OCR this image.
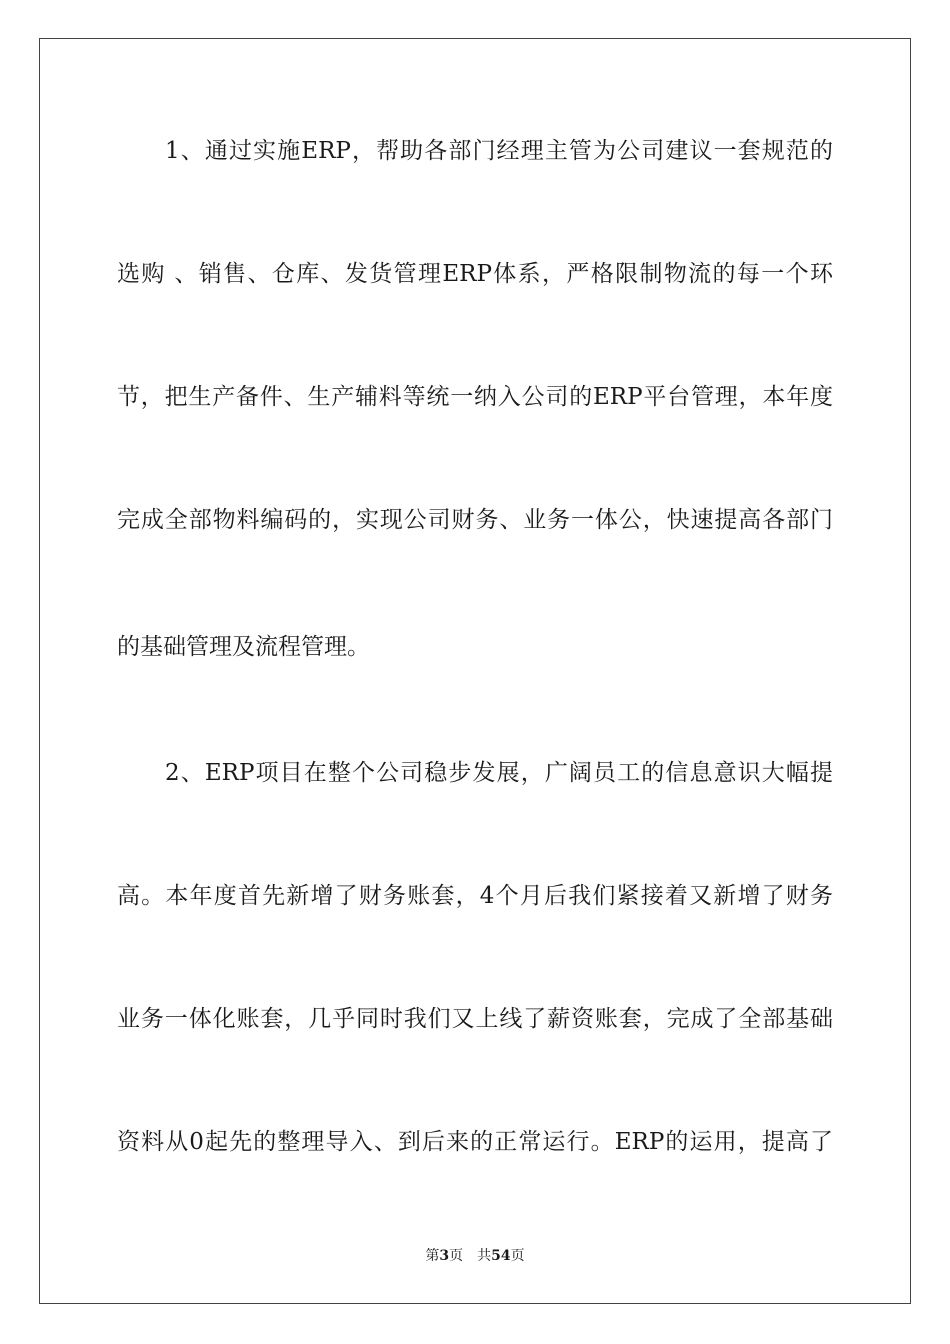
1、通过实施ERP，帮助各部门经理主管为公司建议一套规范的
选购 、销售、仓库、发货管理ERP体系，严格限制物流的每一个环
节，把生产备件、生产辅料等统一纳入公司的ERP平台管理，本年度
完成全部物料编码的，实现公司财务、业务一体公，快速提高各部门
的基础管理及流程管理。
2、ERP项目在整个公司稳步发展，广阔员工的信息意识大幅提
高。本年度首先新增了财务账套，4个月后我们紧接着又新增了财务
业务一体化账套，几乎同时我们又上线了薪资账套，完成了全部基础
资料从0起先的整理导入、到后来的正常运行。ERP的运用，提高了
第3页 共54页
